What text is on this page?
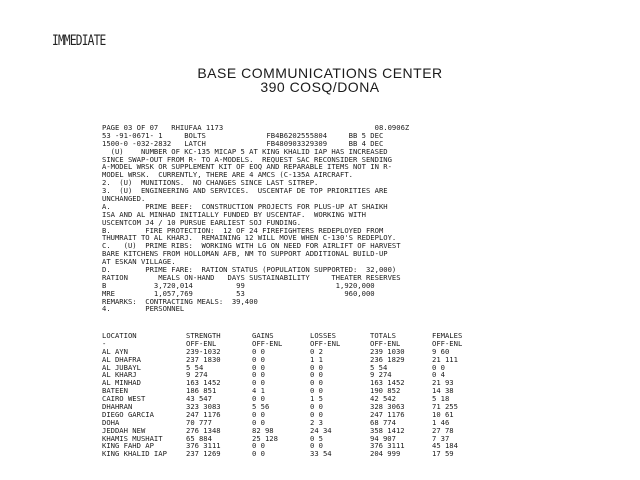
IMMEDIATE
BASE COMMUNICATIONS CENTER
390 COSQ/DONA
PAGE 03 OF 07   RHIUFAA 1173                                   08.0906Z
53 -91-0671- 1     BOLTS              FB4B6202555804     BB 5 DEC
1500-0 -032-2832   LATCH              FB480903329309     BB 4 DEC
(U)    NUMBER OF KC-135 MICAP 5 AT KING KHALID IAP HAS INCREASED
SINCE SWAP-OUT FROM R- TO A-MODELS.  REQUEST SAC RECONSIDER SENDING
A-MODEL WRSK OR SUPPLEMENT KIT OF EOQ AND REPARABLE ITEMS NOT IN R-
MODEL WRSK.  CURRENTLY, THERE ARE 4 AMCS (C-135A AIRCRAFT.
2.  (U)  MUNITIONS.  NO CHANGES SINCE LAST SITREP.
3.  (U)  ENGINEERING AND SERVICES.  USCENTAF DE TOP PRIORITIES ARE
UNCHANGED.
A.        PRIME BEEF:  CONSTRUCTION PROJECTS FOR PLUS-UP AT SHAIKH
ISA AND AL MINHAD INITIALLY FUNDED BY USCENTAF.  WORKING WITH
USCENTCOM J4 / 10 PURSUE EARLIEST SOJ FUNDING.
B.        FIRE PROTECTION:  12 OF 24 FIREFIGHTERS REDEPLOYED FROM
THUMRAIT TO AL KHARJ.  REMAINING 12 WILL MOVE WHEN C-130'S REDEPLOY.
C.   (U)  PRIME RIBS:  WORKING WITH LG ON NEED FOR AIRLIFT OF HARVEST
BARE KITCHENS FROM HOLLOMAN AFB, NM TO SUPPORT ADDITIONAL BUILD-UP
AT ESKAN VILLAGE.
D.        PRIME FARE:  RATION STATUS (POPULATION SUPPORTED:  32,000)
RATION       MEALS ON-HAND   DAYS SUSTAINABILITY     THEATER RESERVES
B           3,720,014          99                     1,920,000
MRE         1,057,769          53                       960,000
REMARKS:  CONTRACTING MEALS:  39,400
4.        PERSONNEL
LOCATION	STRENGTH	GAINS	LOSSES	TOTALS	FEMALES
-	OFF-ENL	OFF-ENL	OFF-ENL	OFF-ENL	OFF-ENL
AL AYN	239-1032	0 0	0 2	239 1030	9 60
AL DHAFRA	237 1830	0 0	1 1	236 1829	21 111
AL JUBAYL	5 54	0 0	0 0	5 54	0 0
AL KHARJ	9 274	0 0	0 0	9 274	0 4
AL MINHAD	163 1452	0 0	0 0	163 1452	21 93
BATEEN	186 851	4 1	0 0	190 852	14 38
CAIRO WEST	43 547	0 0	1 5	42 542	5 18
DHAHRAN	323 3083	5 56	0 0	328 3063	71 255
DIEGO GARCIA	247 1176	0 0	0 0	247 1176	10 61
DOHA	70 777	0 0	2 3	68 774	1 46
JEDDAH NEW	276 1348	82 98	24 34	358 1412	27 78
KHAMIS MUSHAIT	65 884	25 128	0 5	94 907	7 37
KING FAHD AP	376 3111	0 0	0 0	376 3111	45 184
KING KHALID IAP	237 1269	0 0	33 54	204 999	17 59
